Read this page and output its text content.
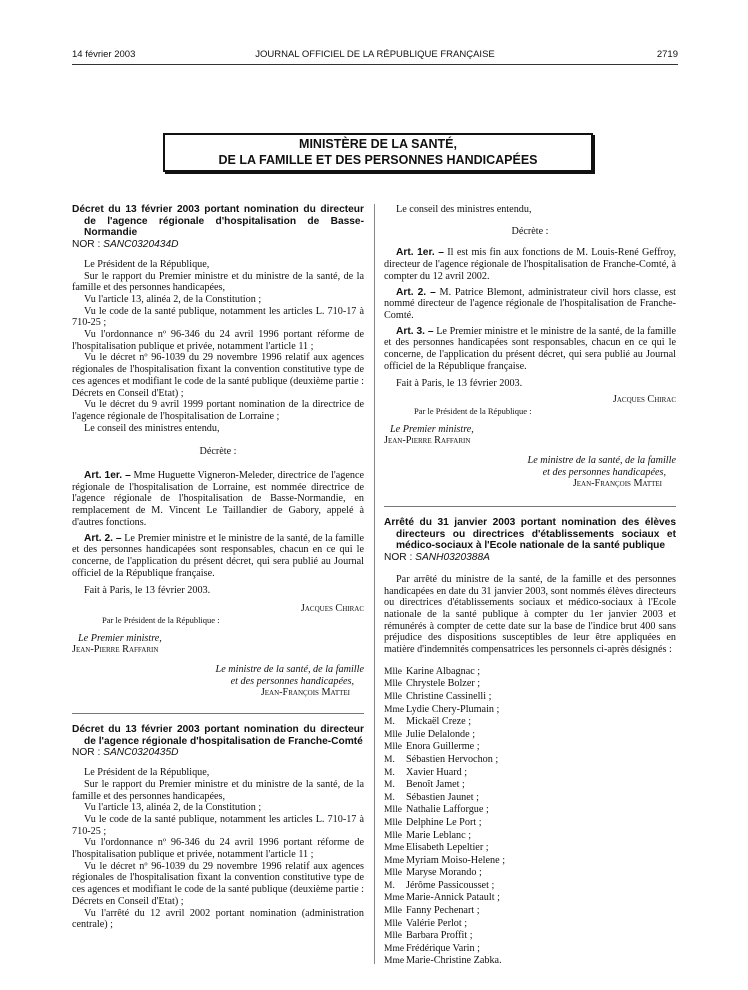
14 février 2003	JOURNAL OFFICIEL DE LA RÉPUBLIQUE FRANÇAISE	2719
MINISTÈRE DE LA SANTÉ,
DE LA FAMILLE ET DES PERSONNES HANDICAPÉES

Décret du 13 février 2003 portant nomination du directeur de l'agence régionale d'hospitalisation de Basse-Normandie

NOR : SANC0320434D

Le Président de la République,

Sur le rapport du Premier ministre et du ministre de la santé, de la famille et des personnes handicapées,

Vu l'article 13, alinéa 2, de la Constitution ;

Vu le code de la santé publique, notamment les articles L. 710-17 à 710-25 ;

Vu l'ordonnance nº 96-346 du 24 avril 1996 portant réforme de l'hospitalisation publique et privée, notamment l'article 11 ;

Vu le décret nº 96-1039 du 29 novembre 1996 relatif aux agences régionales de l'hospitalisation fixant la convention constitutive type de ces agences et modifiant le code de la santé publique (deuxième partie : Décrets en Conseil d'Etat) ;

Vu le décret du 9 avril 1999 portant nomination de la directrice de l'agence régionale de l'hospitalisation de Lorraine ;

Le conseil des ministres entendu,

Décrète :

Art. 1er. – Mme Huguette Vigneron-Meleder, directrice de l'agence régionale de l'hospitalisation de Lorraine, est nommée directrice de l'agence régionale de l'hospitalisation de Basse-Normandie, en remplacement de M. Vincent Le Taillandier de Gabory, appelé à d'autres fonctions.

Art. 2. – Le Premier ministre et le ministre de la santé, de la famille et des personnes handicapées sont responsables, chacun en ce qui le concerne, de l'application du présent décret, qui sera publié au Journal officiel de la République française.

Fait à Paris, le 13 février 2003.

Jacques Chirac

Par le Président de la République :

Le Premier ministre,

Jean-Pierre Raffarin

Le ministre de la santé, de la famille

et des personnes handicapées,

Jean-François Mattei

Décret du 13 février 2003 portant nomination du directeur de l'agence régionale d'hospitalisation de Franche-Comté

NOR : SANC0320435D

Le Président de la République,

Sur le rapport du Premier ministre et du ministre de la santé, de la famille et des personnes handicapées,

Vu l'article 13, alinéa 2, de la Constitution ;

Vu le code de la santé publique, notamment les articles L. 710-17 à 710-25 ;

Vu l'ordonnance nº 96-346 du 24 avril 1996 portant réforme de l'hospitalisation publique et privée, notamment l'article 11 ;

Vu le décret nº 96-1039 du 29 novembre 1996 relatif aux agences régionales de l'hospitalisation fixant la convention constitutive type de ces agences et modifiant le code de la santé publique (deuxième partie : Décrets en Conseil d'Etat) ;

Vu l'arrêté du 12 avril 2002 portant nomination (administration centrale) ;

Le conseil des ministres entendu,

Décrète :

Art. 1er. – Il est mis fin aux fonctions de M. Louis-René Geffroy, directeur de l'agence régionale de l'hospitalisation de Franche-Comté, à compter du 12 avril 2002.

Art. 2. – M. Patrice Blemont, administrateur civil hors classe, est nommé directeur de l'agence régionale de l'hospitalisation de Franche-Comté.

Art. 3. – Le Premier ministre et le ministre de la santé, de la famille et des personnes handicapées sont responsables, chacun en ce qui le concerne, de l'application du présent décret, qui sera publié au Journal officiel de la République française.

Fait à Paris, le 13 février 2003.

Jacques Chirac

Par le Président de la République :

Le Premier ministre,

Jean-Pierre Raffarin

Le ministre de la santé, de la famille

et des personnes handicapées,

Jean-François Mattei

Arrêté du 31 janvier 2003 portant nomination des élèves directeurs ou directrices d'établissements sociaux et médico-sociaux à l'Ecole nationale de la santé publique

NOR : SANH0320388A

Par arrêté du ministre de la santé, de la famille et des personnes handicapées en date du 31 janvier 2003, sont nommés élèves directeurs ou directrices d'établissements sociaux et médico-sociaux à l'Ecole nationale de la santé publique à compter du 1er janvier 2003 et rémunérés à compter de cette date sur la base de l'indice brut 400 sans préjudice des dispositions susceptibles de leur être appliquées en matière d'indemnités compensatrices les personnels ci-après désignés :

Mlle Karine Albagnac ;
Mlle Chrystele Bolzer ;
Mlle Christine Cassinelli ;
Mme Lydie Chery-Plumain ;
M. Mickaël Creze ;
Mlle Julie Delalonde ;
Mlle Enora Guillerme ;
M. Sébastien Hervochon ;
M. Xavier Huard ;
M. Benoît Jamet ;
M. Sébastien Jaunet ;
Mlle Nathalie Lafforgue ;
Mlle Delphine Le Port ;
Mlle Marie Leblanc ;
Mme Elisabeth Lepeltier ;
Mme Myriam Moiso-Helene ;
Mlle Maryse Morando ;
M. Jérôme Passicousset ;
Mme Marie-Annick Patault ;
Mlle Fanny Pechenart ;
Mlle Valérie Perlot ;
Mlle Barbara Proffit ;
Mme Frédérique Varin ;
Mme Marie-Christine Zabka.
